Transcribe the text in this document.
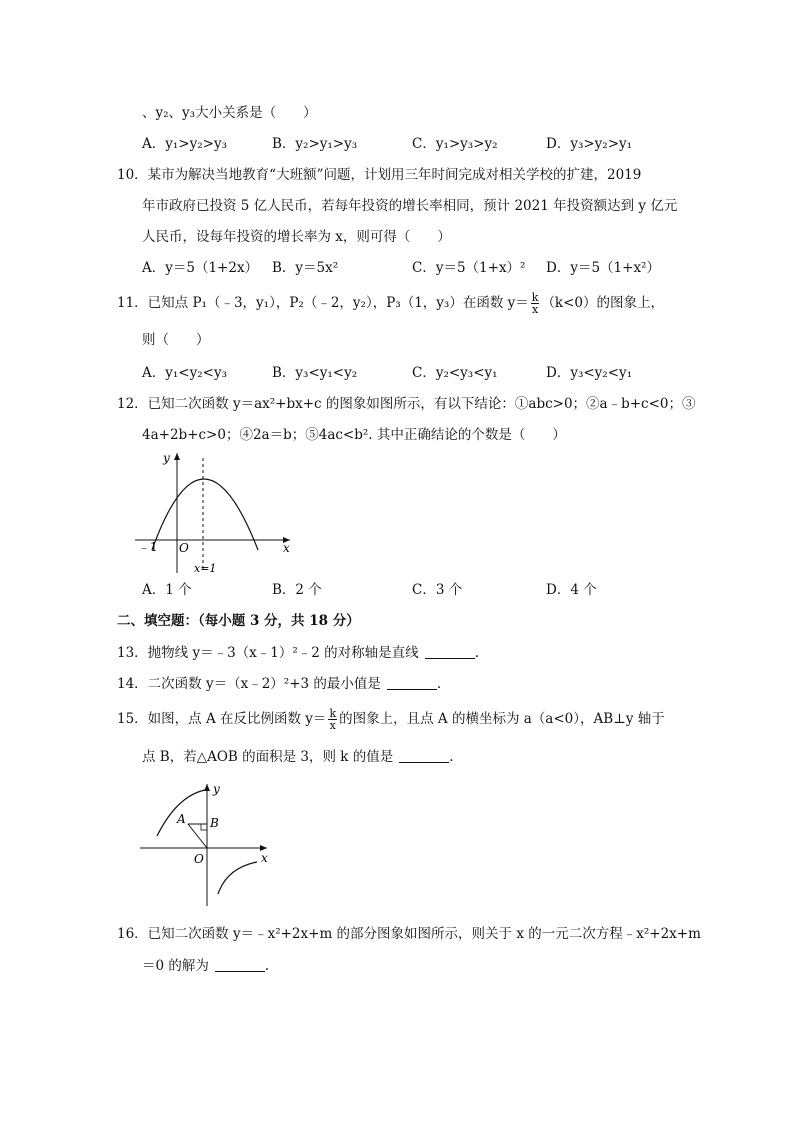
、y₂、y₃大小关系是（　　）
A．y₁>y₂>y₃	B．y₂>y₁>y₃	C．y₁>y₃>y₂	D．y₃>y₂>y₁
10．某市为解决当地教育“大班额”问题，计划用三年时间完成对相关学校的扩建，2019
年市政府已投资 5 亿人民币，若每年投资的增长率相同，预计 2021 年投资额达到 y 亿元
人民币，设每年投资的增长率为 x，则可得（　　）
A．y＝5（1+2x） B．y＝5x²	C．y＝5（1+x）² D．y＝5（1+x²）
11．已知点 P₁（﹣3，y₁），P₂（﹣2，y₂），P₃（1，y₃）在函数 $y= \frac{k}{x} (k<0)$的图象上，
则（　　）
A．y₁<y₂<y₃	B．y₃<y₁<y₂	C．y₂<y₃<y₁	D．y₃<y₂<y₁
12．已知二次函数 y＝ax²+bx+c 的图象如图所示，有以下结论：①abc>0；②a﹣b+c<0；③
4a+2b+c>0；④2a＝b；⑤4ac<b². 其中正确结论的个数是（　　）
y
x
O
﹣1
x=1
A．1 个	B．2 个	C．3 个	D．4 个
二、填空题：（每小题 3 分，共 18 分）
13．抛物线 y＝﹣3（x﹣1）²﹣2 的对称轴是直线	.
14．二次函数 y＝（x﹣2）²+3 的最小值是	.
15．如图，点 A 在反比例函数 $y= \frac{k}{x}$ 的图象上，且点 A 的横坐标为 a（a<0），AB⊥y 轴于
点 B，若△AOB 的面积是 3，则 k 的值是	.
y
x
O
A B
16．已知二次函数 y＝﹣x²+2x+m 的部分图象如图所示，则关于 x 的一元二次方程﹣x²+2x+m
＝0 的解为	.
